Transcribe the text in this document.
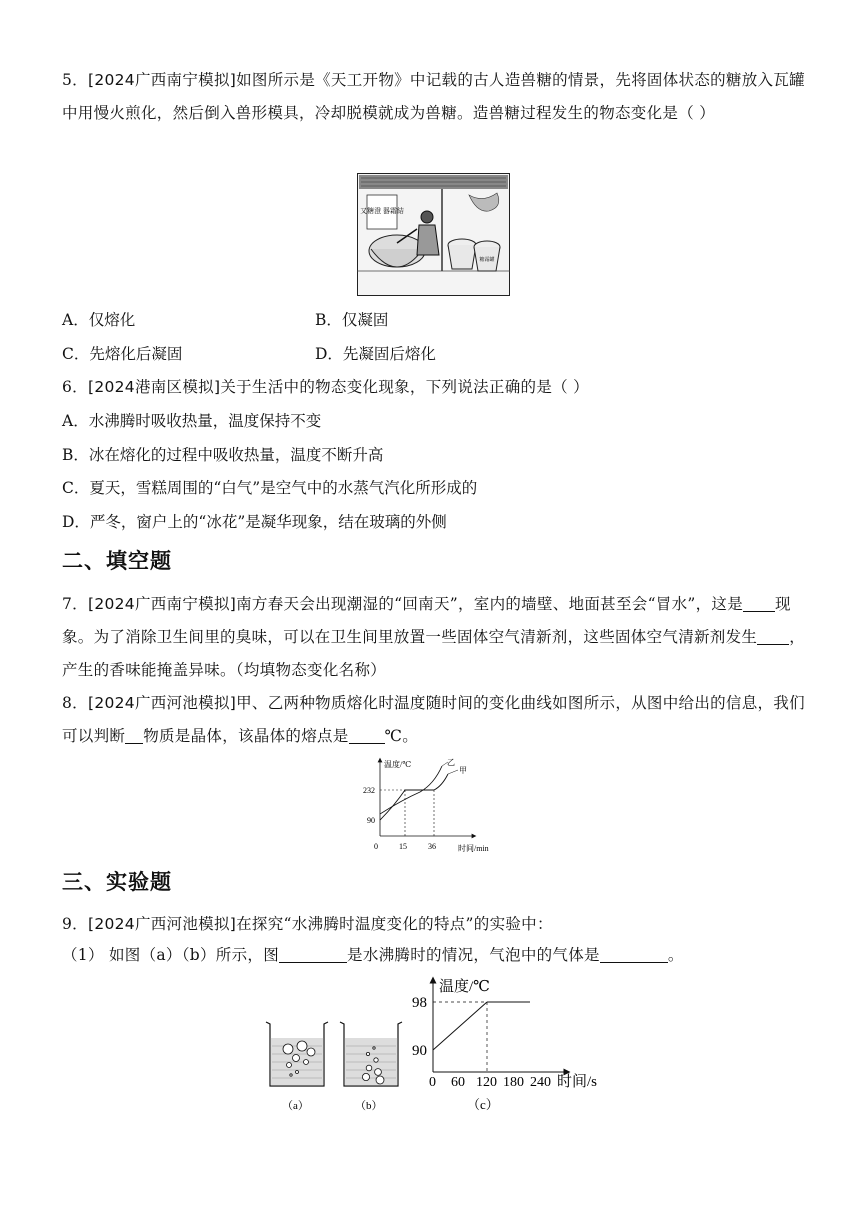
5．[2024广西南宁模拟]如图所示是《天工开物》中记载的古人造兽糖的情景，先将固体状态的糖放入瓦罐中用慢火煎化，然后倒入兽形模具，冷却脱模就成为兽糖。造兽糖过程发生的物态变化是（ ）

又糖澄 器霜結
糖霜罐
A．仅熔化	B．仅凝固
C．先熔化后凝固	D．先凝固后熔化
6．[2024港南区模拟]关于生活中的物态变化现象，下列说法正确的是（ ）
A．水沸腾时吸收热量，温度保持不变
B．冰在熔化的过程中吸收热量，温度不断升高
C．夏天，雪糕周围的“白气”是空气中的水蒸气汽化所形成的
D．严冬，窗户上的“冰花”是凝华现象，结在玻璃的外侧
二、填空题

7．[2024广西南宁模拟]南方春天会出现潮湿的“回南天”，室内的墙壁、地面甚至会“冒水”，这是 现象。为了消除卫生间里的臭味，可以在卫生间里放置一些固体空气清新剂，这些固体空气清新剂发生 ，产生的香味能掩盖异味。（均填物态变化名称）

8．[2024广西河池模拟]甲、乙两种物质熔化时温度随时间的变化曲线如图所示，从图中给出的信息，我们可以判断 物质是晶体，该晶体的熔点是 ℃。

温度/℃
时间/min
0
232
90
15	36
乙
甲
三、实验题
9．[2024广西河池模拟]在探究“水沸腾时温度变化的特点”的实验中：
（1） 如图（a）（b）所示，图	是水沸腾时的情况，气泡中的气体是	。
（a）	（b）
温度/℃
时间/s
98
90
0 60 120 180 240
（c）
